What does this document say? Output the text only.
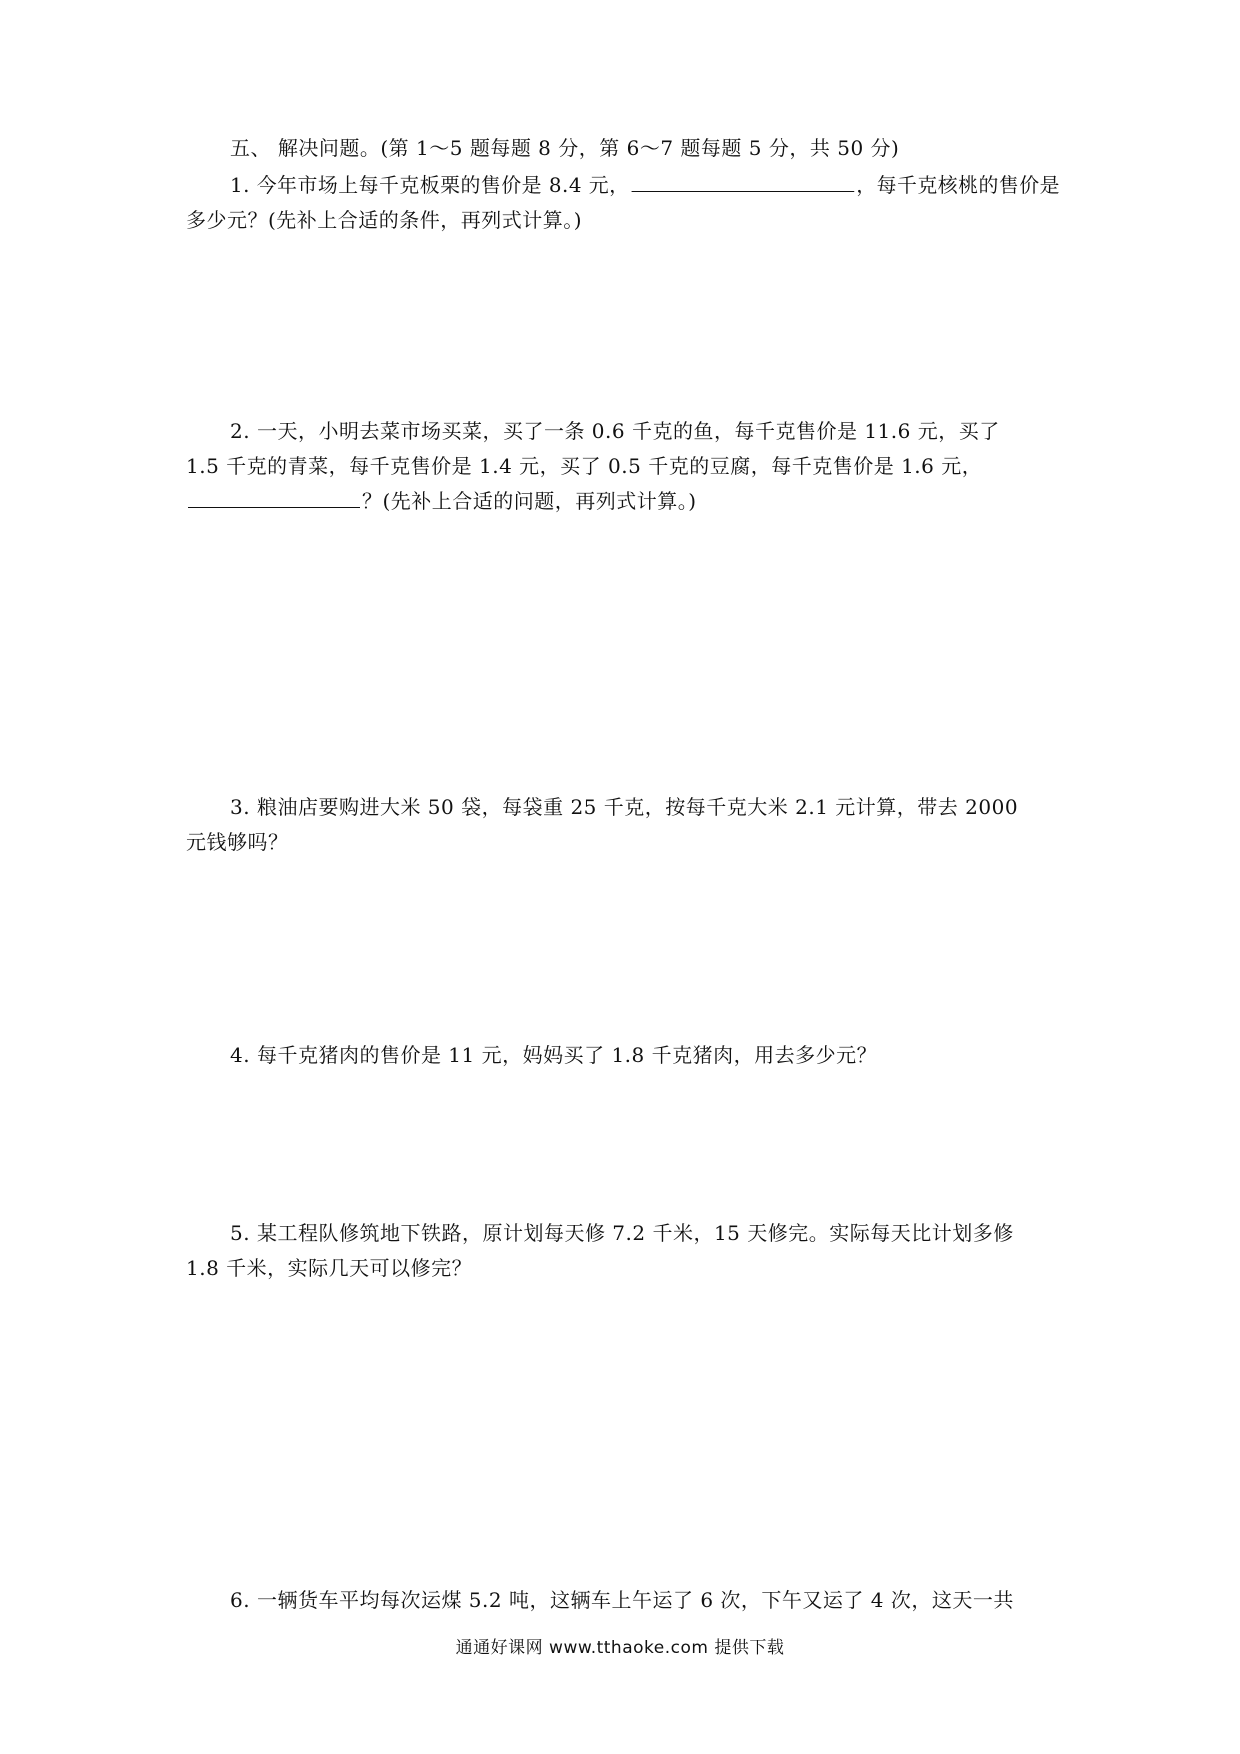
五、 解决问题。(第 1～5 题每题 8 分，第 6～7 题每题 5 分，共 50 分)
1. 今年市场上每千克板栗的售价是 8.4 元，	，每千克核桃的售价是
多少元？(先补上合适的条件，再列式计算。)
2. 一天，小明去菜市场买菜，买了一条 0.6 千克的鱼，每千克售价是 11.6 元，买了
1.5 千克的青菜，每千克售价是 1.4 元，买了 0.5 千克的豆腐，每千克售价是 1.6 元，
？(先补上合适的问题，再列式计算。)
3. 粮油店要购进大米 50 袋，每袋重 25 千克，按每千克大米 2.1 元计算，带去 2000
元钱够吗？
4. 每千克猪肉的售价是 11 元，妈妈买了 1.8 千克猪肉，用去多少元？
5. 某工程队修筑地下铁路，原计划每天修 7.2 千米，15 天修完。实际每天比计划多修
1.8 千米，实际几天可以修完？
6. 一辆货车平均每次运煤 5.2 吨，这辆车上午运了 6 次，下午又运了 4 次，这天一共
通通好课网 www.tthaoke.com 提供下载
